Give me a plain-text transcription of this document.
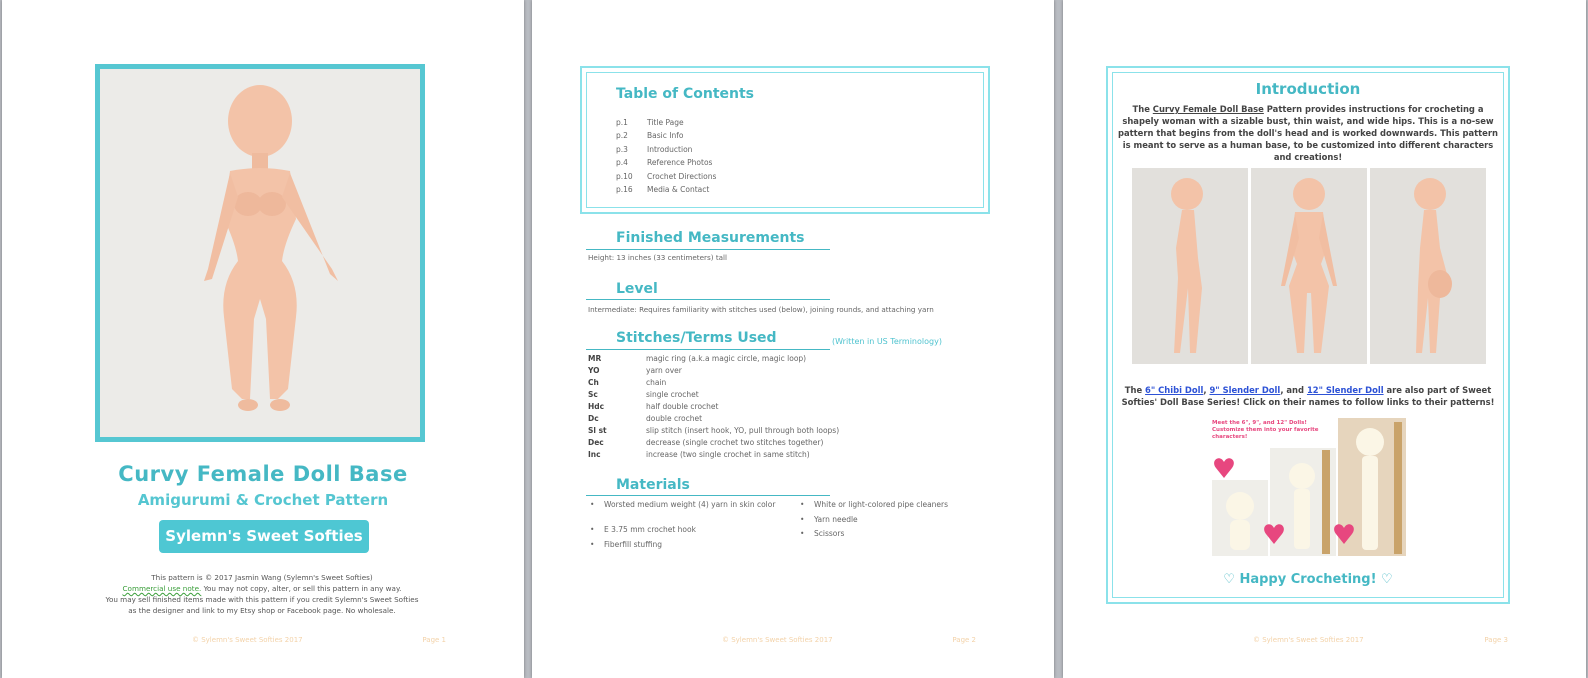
Curvy Female Doll Base
Amigurumi & Crochet Pattern
Sylemn's Sweet Softies
This pattern is © 2017 Jasmin Wang (Sylemn's Sweet Softies)
Commercial use note. You may not copy, alter, or sell this pattern in any way.
You may sell finished items made with this pattern if you credit Sylemn's Sweet Softies
as the designer and link to my Etsy shop or Facebook page. No wholesale.
© Sylemn's Sweet Softies 2017	Page 1
Table of Contents
p.1	Title Page
p.2	Basic Info
p.3	Introduction
p.4	Reference Photos
p.10 Crochet Directions
p.16 Media & Contact
Finished Measurements
Height: 13 inches (33 centimeters) tall
Level
Intermediate: Requires familiarity with stitches used (below), joining rounds, and attaching yarn
Stitches/Terms Used	(Written in US Terminology)
MR	magic ring (a.k.a magic circle, magic loop)
YO	yarn over
Ch	chain
Sc	single crochet
Hdc	half double crochet
Dc	double crochet
Sl st	slip stitch (insert hook, YO, pull through both loops)
Dec	decrease (single crochet two stitches together)
Inc	increase (two single crochet in same stitch)
Materials
• Worsted medium weight (4) yarn in skin color
• E 3.75 mm crochet hook
• Fiberfill stuffing
• White or light-colored pipe cleaners
• Yarn needle
• Scissors
© Sylemn's Sweet Softies 2017	Page 2
Introduction
The Curvy Female Doll Base Pattern provides instructions for crocheting a shapely woman with a sizable bust, thin waist, and wide hips. This is a no-sew pattern that begins from the doll's head and is worked downwards. This pattern is meant to serve as a human base, to be customized into different characters and creations!
The 6" Chibi Doll, 9" Slender Doll, and 12" Slender Doll are also part of Sweet Softies' Doll Base Series! Click on their names to follow links to their patterns!
Meet the 6", 9", and 12" Dolls! Customize them into your favorite characters!
♡ Happy Crocheting! ♡
© Sylemn's Sweet Softies 2017	Page 3
